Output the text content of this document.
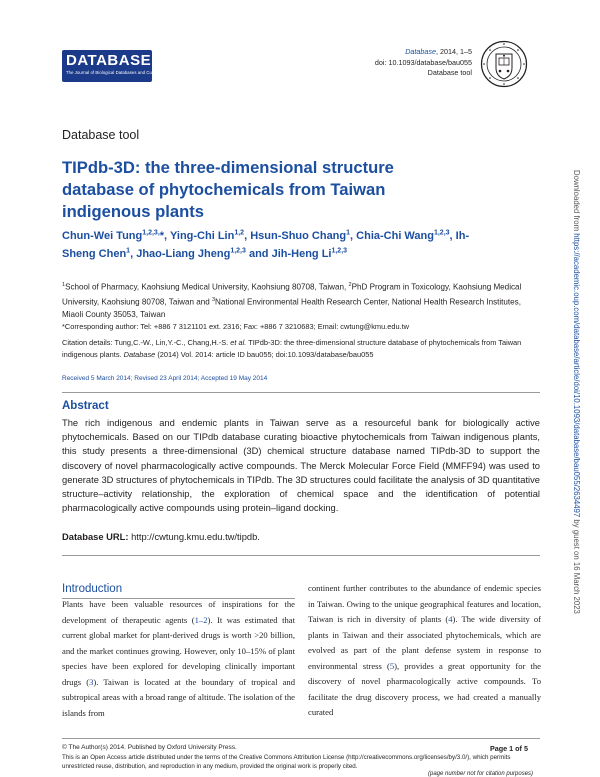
DATABASE
The Journal of Biological Databases and Curation
Database, 2014, 1–5
doi: 10.1093/database/bau055
Database tool
Database tool
TIPdb-3D: the three-dimensional structure database of phytochemicals from Taiwan indigenous plants
Chun-Wei Tung$^{1,2,3,}$*, Ying-Chi Lin$^{1,2}$, Hsun-Shuo Chang$^1$, Chia-Chi Wang$^{1,2,3}$, Ih-Sheng Chen$^1$, Jhao-Liang Jheng$^{1,2,3}$ and Jih-Heng Li$^{1,2,3}$
$^1$School of Pharmacy, Kaohsiung Medical University, Kaohsiung 80708, Taiwan, $^2$PhD Program in Toxicology, Kaohsiung Medical University, Kaohsiung 80708, Taiwan and $^3$National Environmental Health Research Center, National Health Research Institutes, Miaoli County 35053, Taiwan
*Corresponding author: Tel: +886 7 3121101 ext. 2316; Fax: +886 7 3210683; Email: cwtung@kmu.edu.tw
Citation details: Tung,C.-W., Lin,Y.-C., Chang,H.-S. et al. TIPdb-3D: the three-dimensional structure database of phytochemicals from Taiwan indigenous plants. Database (2014) Vol. 2014: article ID bau055; doi:10.1093/database/bau055
Received 5 March 2014; Revised 23 April 2014; Accepted 19 May 2014
Abstract
The rich indigenous and endemic plants in Taiwan serve as a resourceful bank for biologically active phytochemicals. Based on our TIPdb database curating bioactive phytochemicals from Taiwan indigenous plants, this study presents a three-dimensional (3D) chemical structure database named TIPdb-3D to support the discovery of novel pharmacologically active compounds. The Merck Molecular Force Field (MMFF94) was used to generate 3D structures of phytochemicals in TIPdb. The 3D structures could facilitate the analysis of 3D quantitative structure–activity relationship, the exploration of chemical space and the identification of potential pharmacologically active compounds using protein–ligand docking.
Database URL: http://cwtung.kmu.edu.tw/tipdb.
Introduction
Plants have been valuable resources of inspirations for the development of therapeutic agents (1–2). It was estimated that current global market for plant-derived drugs is worth >20 billion, and the market continues growing. However, only 10–15% of plant species have been explored for developing clinically important drugs (3). Taiwan is located at the boundary of tropical and subtropical areas with a broad range of altitude. The isolation of the islands from
continent further contributes to the abundance of endemic species in Taiwan. Owing to the unique geographical features and location, Taiwan is rich in diversity of plants (4). The wide diversity of plants in Taiwan and their associated phytochemicals, which are evolved as part of the plant defense system in response to environmental stress (5), provides a great opportunity for the discovery of novel pharmacologically active compounds. To facilitate the drug discovery process, we had created a manually curated
© The Author(s) 2014. Published by Oxford University Press.	Page 1 of 5
This is an Open Access article distributed under the terms of the Creative Commons Attribution License (http://creativecommons.org/licenses/by/3.0/), which permits unrestricted reuse, distribution, and reproduction in any medium, provided the original work is properly cited.
(page number not for citation purposes)
Downloaded from https://academic.oup.com/database/article/doi/10.1093/database/bau055/2634497 by guest on 16 March 2023
